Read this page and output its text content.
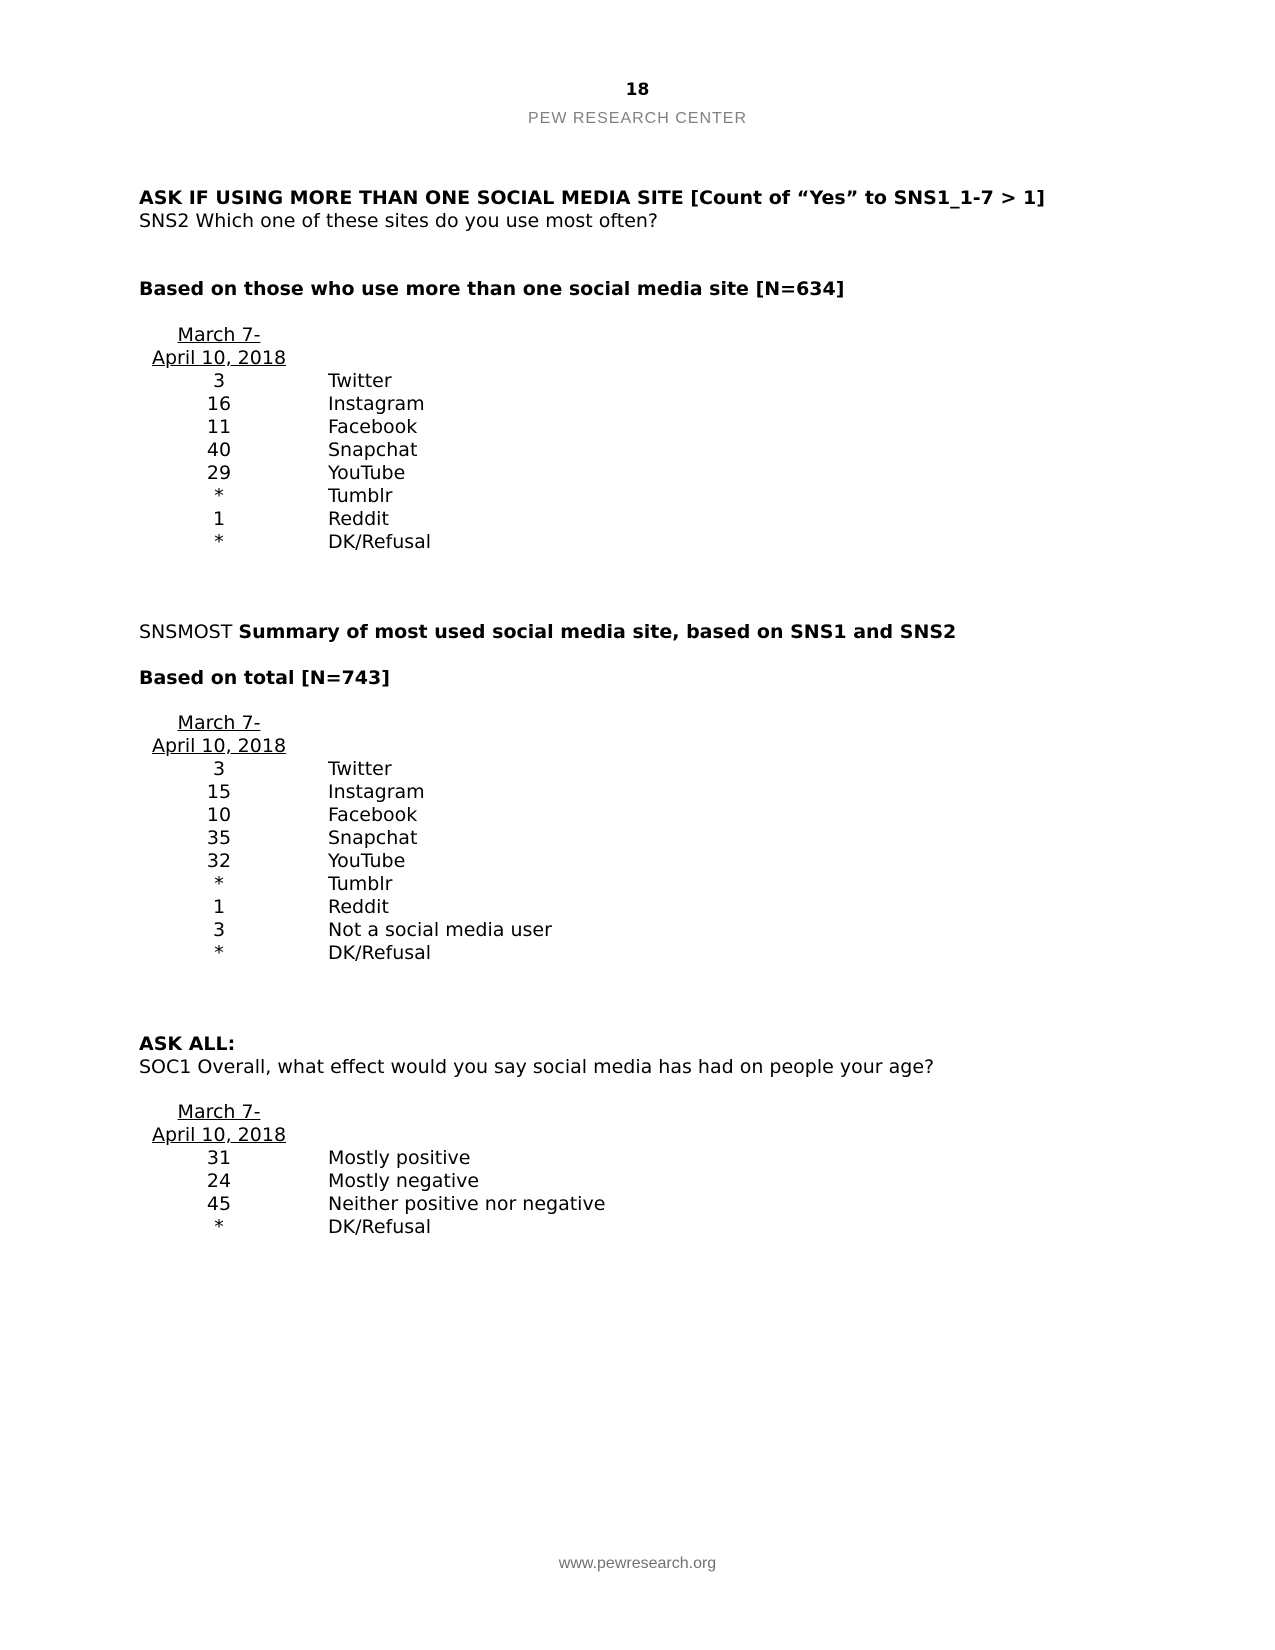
18
PEW RESEARCH CENTER
ASK IF USING MORE THAN ONE SOCIAL MEDIA SITE [Count of “Yes” to SNS1_1-7 > 1]
SNS2 Which one of these sites do you use most often?
Based on those who use more than one social media site [N=634]
March 7-
April 10, 2018
3	Twitter
16	Instagram
11	Facebook
40	Snapchat
29	YouTube
*	Tumblr
1	Reddit
*	DK/Refusal
SNSMOST Summary of most used social media site, based on SNS1 and SNS2
Based on total [N=743]
March 7-
April 10, 2018
3	Twitter
15	Instagram
10	Facebook
35	Snapchat
32	YouTube
*	Tumblr
1	Reddit
3	Not a social media user
*	DK/Refusal
ASK ALL:
SOC1 Overall, what effect would you say social media has had on people your age?
March 7-
April 10, 2018
31	Mostly positive
24	Mostly negative
45	Neither positive nor negative
*	DK/Refusal
www.pewresearch.org
